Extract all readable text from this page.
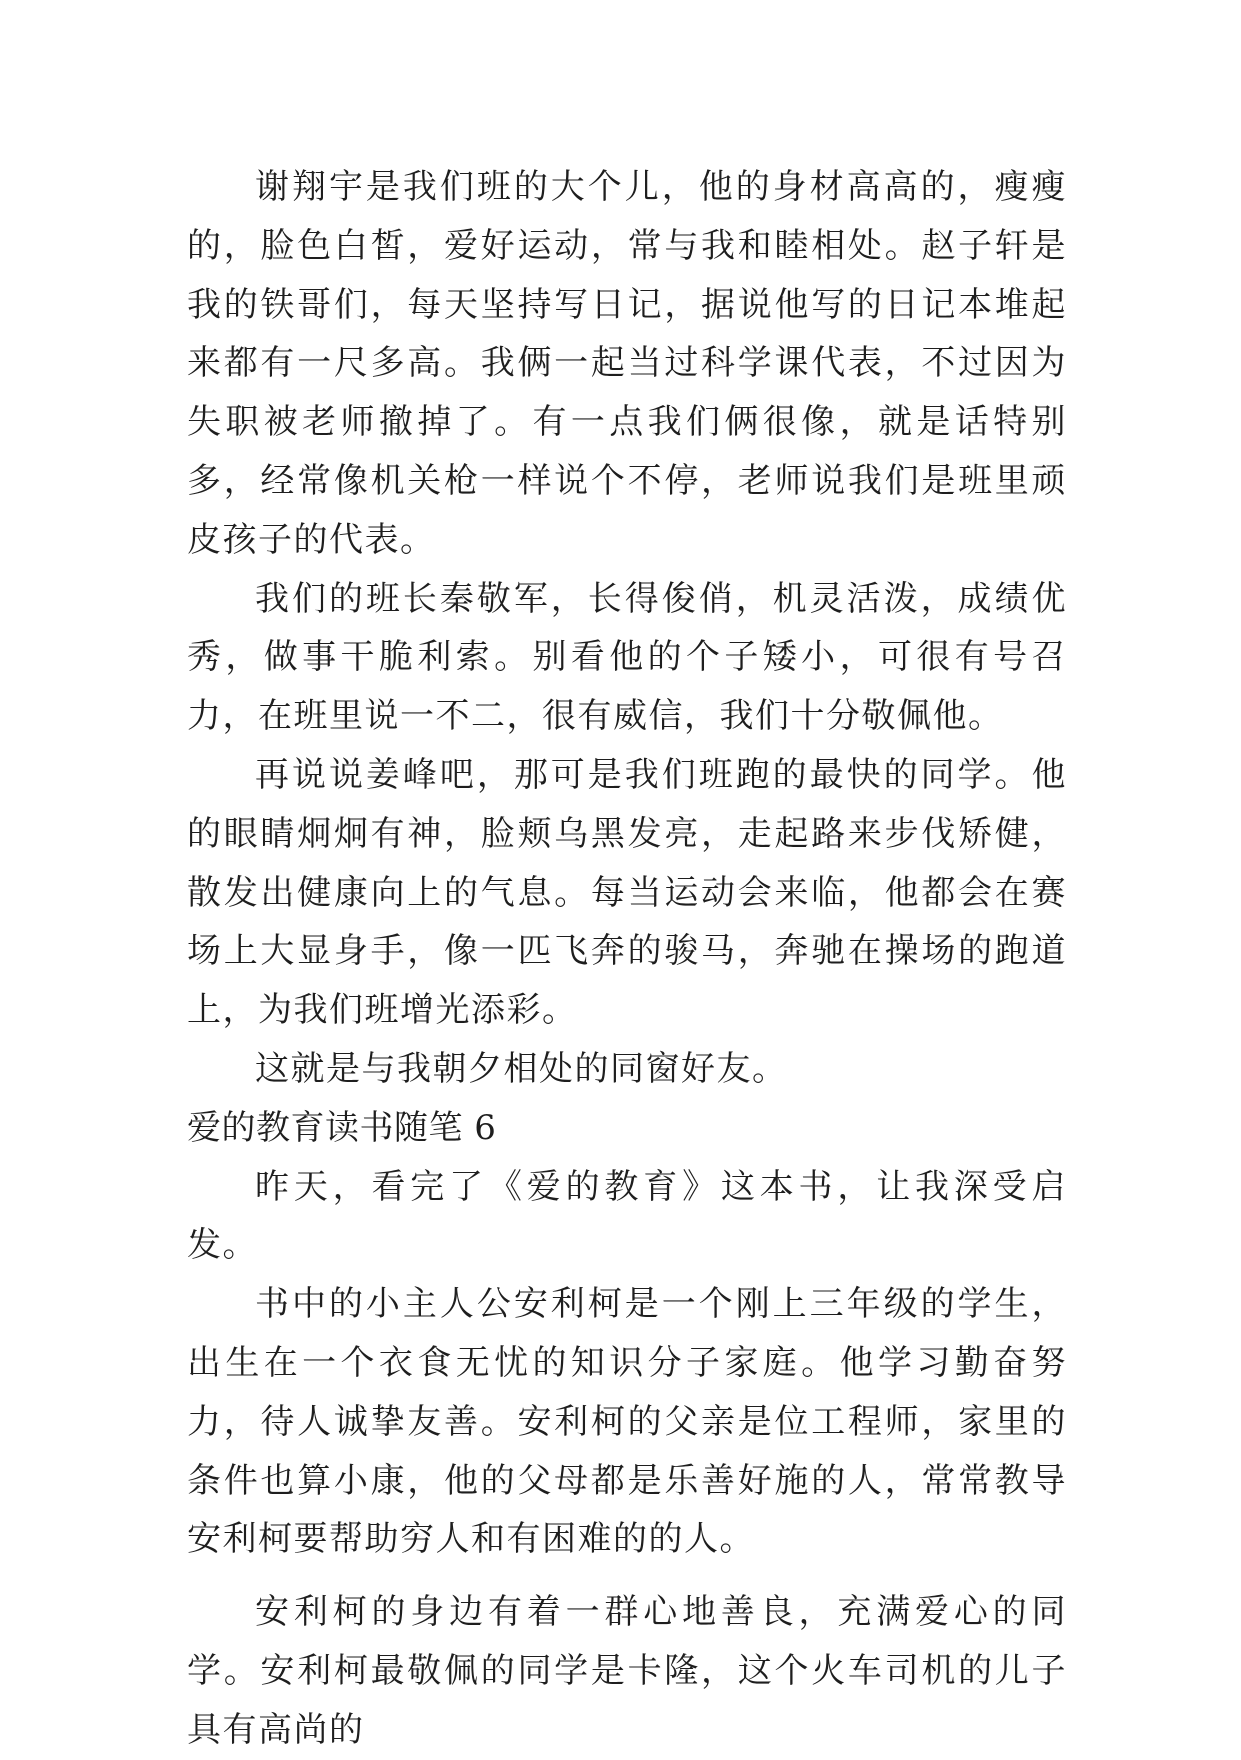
谢翔宇是我们班的大个儿，他的身材高高的，瘦瘦的，脸色白皙，爱好运动，常与我和睦相处。赵子轩是我的铁哥们，每天坚持写日记，据说他写的日记本堆起来都有一尺多高。我俩一起当过科学课代表，不过因为失职被老师撤掉了。有一点我们俩很像，就是话特别多，经常像机关枪一样说个不停，老师说我们是班里顽皮孩子的代表。

我们的班长秦敬军，长得俊俏，机灵活泼，成绩优秀，做事干脆利索。别看他的个子矮小，可很有号召力，在班里说一不二，很有威信，我们十分敬佩他。

再说说姜峰吧，那可是我们班跑的最快的同学。他的眼睛炯炯有神，脸颊乌黑发亮，走起路来步伐矫健，散发出健康向上的气息。每当运动会来临，他都会在赛场上大显身手，像一匹飞奔的骏马，奔驰在操场的跑道上，为我们班增光添彩。

这就是与我朝夕相处的同窗好友。

爱的教育读书随笔 6

昨天，看完了《爱的教育》这本书，让我深受启发。

书中的小主人公安利柯是一个刚上三年级的学生，出生在一个衣食无忧的知识分子家庭。他学习勤奋努力，待人诚挚友善。安利柯的父亲是位工程师，家里的条件也算小康，他的父母都是乐善好施的人，常常教导安利柯要帮助穷人和有困难的的人。

安利柯的身边有着一群心地善良，充满爱心的同学。安利柯最敬佩的同学是卡隆，这个火车司机的儿子具有高尚的
